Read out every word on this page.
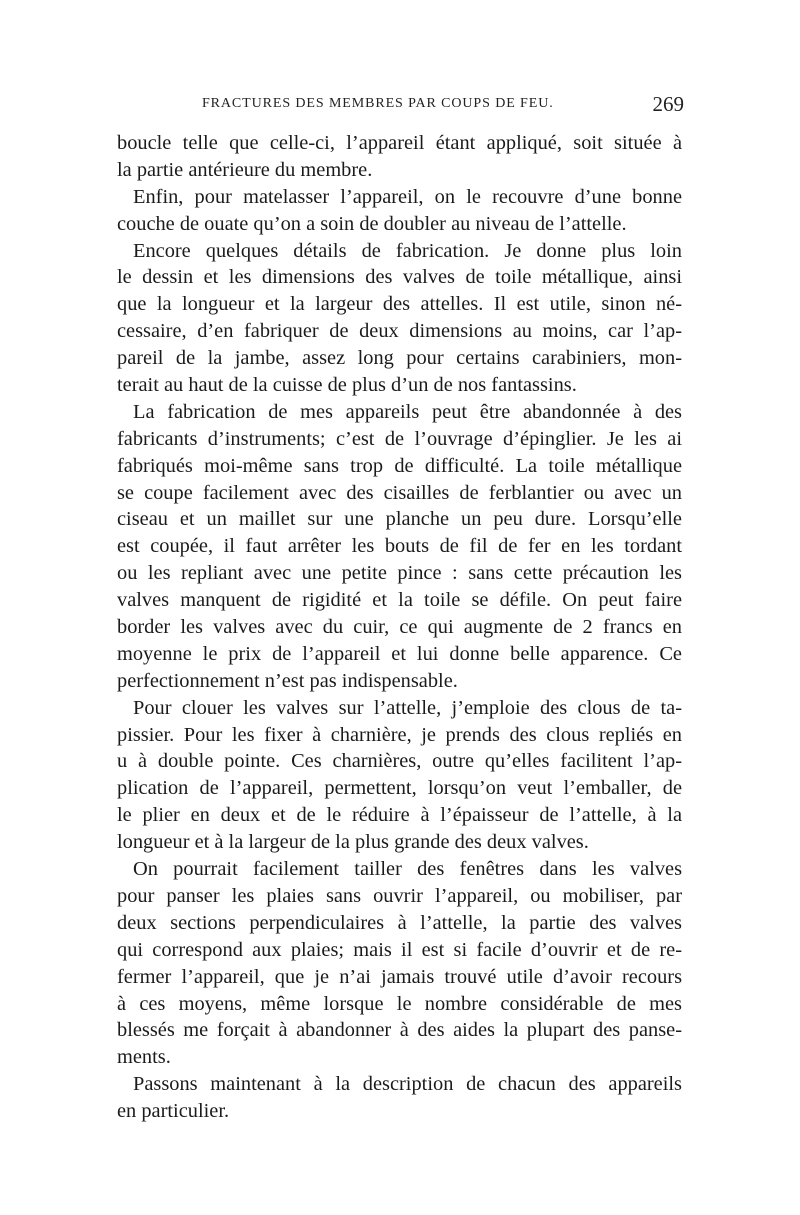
FRACTURES DES MEMBRES PAR COUPS DE FEU.	269
boucle telle que celle-ci, l’appareil étant appliqué, soit située à
la partie antérieure du membre.
Enfin, pour matelasser l’appareil, on le recouvre d’une bonne
couche de ouate qu’on a soin de doubler au niveau de l’attelle.
Encore quelques détails de fabrication. Je donne plus loin
le dessin et les dimensions des valves de toile métallique, ainsi
que la longueur et la largeur des attelles. Il est utile, sinon né-
cessaire, d’en fabriquer de deux dimensions au moins, car l’ap-
pareil de la jambe, assez long pour certains carabiniers, mon-
terait au haut de la cuisse de plus d’un de nos fantassins.
La fabrication de mes appareils peut être abandonnée à des
fabricants d’instruments; c’est de l’ouvrage d’épinglier. Je les ai
fabriqués moi-même sans trop de difficulté. La toile métallique
se coupe facilement avec des cisailles de ferblantier ou avec un
ciseau et un maillet sur une planche un peu dure. Lorsqu’elle
est coupée, il faut arrêter les bouts de fil de fer en les tordant
ou les repliant avec une petite pince : sans cette précaution les
valves manquent de rigidité et la toile se défile. On peut faire
border les valves avec du cuir, ce qui augmente de 2 francs en
moyenne le prix de l’appareil et lui donne belle apparence. Ce
perfectionnement n’est pas indispensable.
Pour clouer les valves sur l’attelle, j’emploie des clous de ta-
pissier. Pour les fixer à charnière, je prends des clous repliés en
u à double pointe. Ces charnières, outre qu’elles facilitent l’ap-
plication de l’appareil, permettent, lorsqu’on veut l’emballer, de
le plier en deux et de le réduire à l’épaisseur de l’attelle, à la
longueur et à la largeur de la plus grande des deux valves.
On pourrait facilement tailler des fenêtres dans les valves
pour panser les plaies sans ouvrir l’appareil, ou mobiliser, par
deux sections perpendiculaires à l’attelle, la partie des valves
qui correspond aux plaies; mais il est si facile d’ouvrir et de re-
fermer l’appareil, que je n’ai jamais trouvé utile d’avoir recours
à ces moyens, même lorsque le nombre considérable de mes
blessés me forçait à abandonner à des aides la plupart des panse-
ments.
Passons maintenant à la description de chacun des appareils
en particulier.
